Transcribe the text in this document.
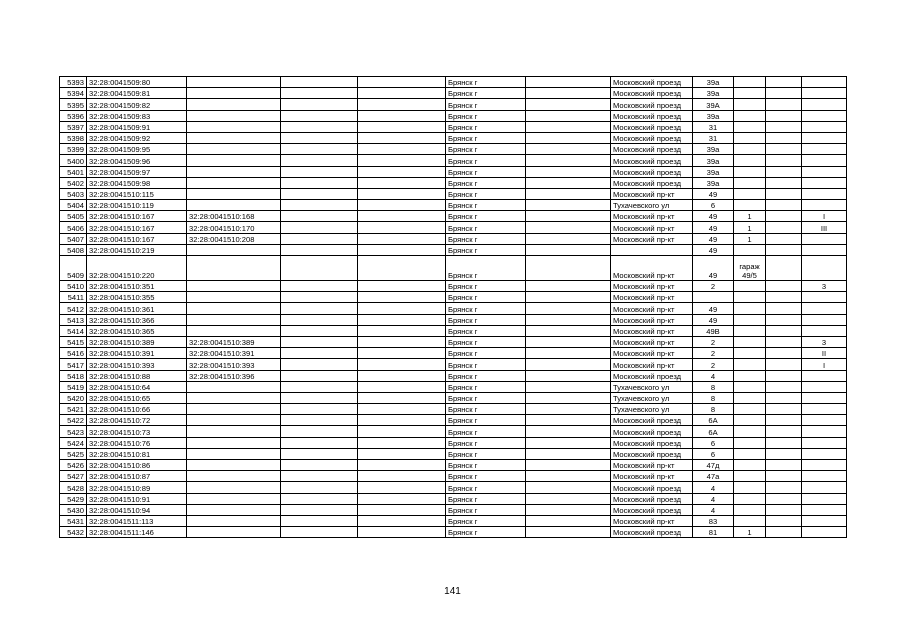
5393	32:28:0041509:80				Брянск г		Московский проезд	39а			
5394	32:28:0041509:81				Брянск г		Московский проезд	39а			
5395	32:28:0041509:82				Брянск г		Московский проезд	39А			
5396	32:28:0041509:83				Брянск г		Московский проезд	39а			
5397	32:28:0041509:91				Брянск г		Московский проезд	31			
5398	32:28:0041509:92				Брянск г		Московский проезд	31			
5399	32:28:0041509:95				Брянск г		Московский проезд	39а			
5400	32:28:0041509:96				Брянск г		Московский проезд	39а			
5401	32:28:0041509:97				Брянск г		Московский проезд	39а			
5402	32:28:0041509:98				Брянск г		Московский проезд	39а			
5403	32:28:0041510:115				Брянск г		Московский пр-кт	49			
5404	32:28:0041510:119				Брянск г		Тухачевского ул	6			
5405	32:28:0041510:167	32:28:0041510:168			Брянск г		Московский пр-кт	49	1		I
5406	32:28:0041510:167	32:28:0041510:170			Брянск г		Московский пр-кт	49	1		III
5407	32:28:0041510:167	32:28:0041510:208			Брянск г		Московский пр-кт	49	1		
5408	32:28:0041510:219				Брянск г			49			
5409	32:28:0041510:220				Брянск г		Московский пр-кт	49	гараж 49/5		
5410	32:28:0041510:351				Брянск г		Московский пр-кт	2			3
5411	32:28:0041510:355				Брянск г		Московский пр-кт				
5412	32:28:0041510:361				Брянск г		Московский пр-кт	49			
5413	32:28:0041510:366				Брянск г		Московский пр-кт	49			
5414	32:28:0041510:365				Брянск г		Московский пр-кт	49В			
5415	32:28:0041510:389	32:28:0041510:389			Брянск г		Московский пр-кт	2			3
5416	32:28:0041510:391	32:28:0041510:391			Брянск г		Московский пр-кт	2			II
5417	32:28:0041510:393	32:28:0041510:393			Брянск г		Московский пр-кт	2			I
5418	32:28:0041510:88	32:28:0041510:396			Брянск г		Московский проезд	4			
5419	32:28:0041510:64				Брянск г		Тухачевского ул	8			
5420	32:28:0041510:65				Брянск г		Тухачевского ул	8			
5421	32:28:0041510:66				Брянск г		Тухачевского ул	8			
5422	32:28:0041510:72				Брянск г		Московский проезд	6А			
5423	32:28:0041510:73				Брянск г		Московский проезд	6А			
5424	32:28:0041510:76				Брянск г		Московский проезд	6			
5425	32:28:0041510:81				Брянск г		Московский проезд	6			
5426	32:28:0041510:86				Брянск г		Московский пр-кт	47д			
5427	32:28:0041510:87				Брянск г		Московский пр-кт	47а			
5428	32:28:0041510:89				Брянск г		Московский проезд	4			
5429	32:28:0041510:91				Брянск г		Московский проезд	4			
5430	32:28:0041510:94				Брянск г		Московский проезд	4			
5431	32:28:0041511:113				Брянск г		Московский пр-кт	83			
5432	32:28:0041511:146				Брянск г		Московский проезд	81	1		
141
